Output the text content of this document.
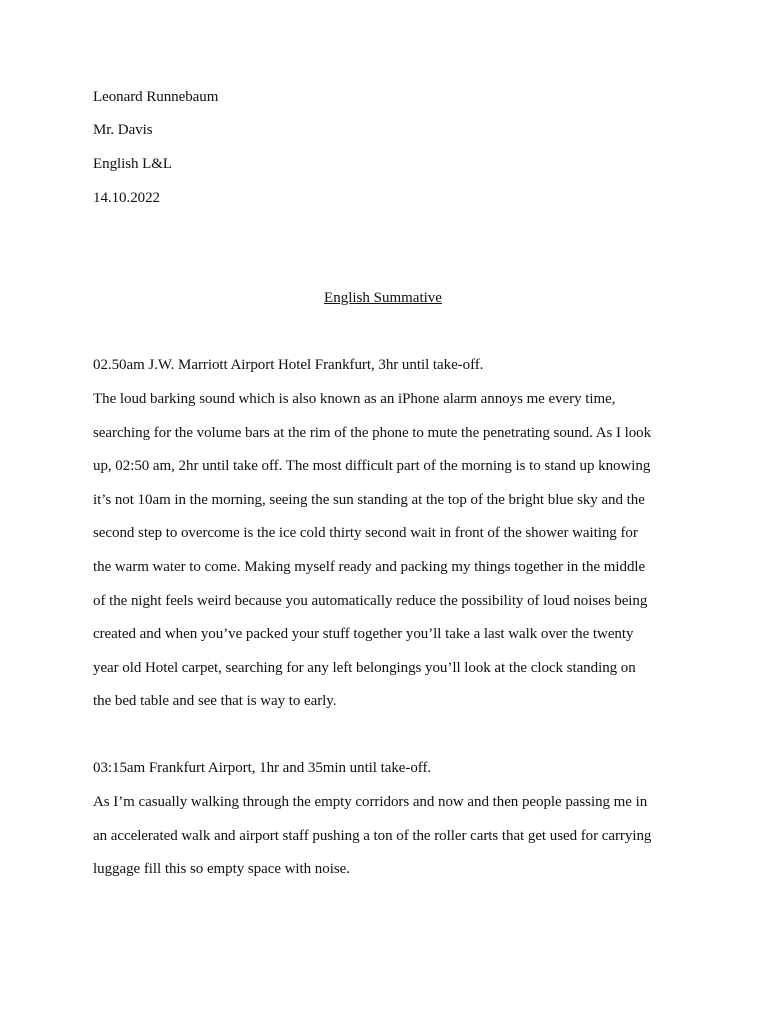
Leonard Runnebaum
Mr. Davis
English L&L
14.10.2022
English Summative
02.50am J.W. Marriott Airport Hotel Frankfurt, 3hr until take-off.
The loud barking sound which is also known as an iPhone alarm annoys me every time,
searching for the volume bars at the rim of the phone to mute the penetrating sound. As I look
up, 02:50 am, 2hr until take off. The most difficult part of the morning is to stand up knowing
it’s not 10am in the morning, seeing the sun standing at the top of the bright blue sky and the
second step to overcome is the ice cold thirty second wait in front of the shower waiting for
the warm water to come. Making myself ready and packing my things together in the middle
of the night feels weird because you automatically reduce the possibility of loud noises being
created and when you’ve packed your stuff together you’ll take a last walk over the twenty
year old Hotel carpet, searching for any left belongings you’ll look at the clock standing on
the bed table and see that is way to early.
03:15am Frankfurt Airport, 1hr and 35min until take-off.
As I’m casually walking through the empty corridors and now and then people passing me in
an accelerated walk and airport staff pushing a ton of the roller carts that get used for carrying
luggage fill this so empty space with noise.
